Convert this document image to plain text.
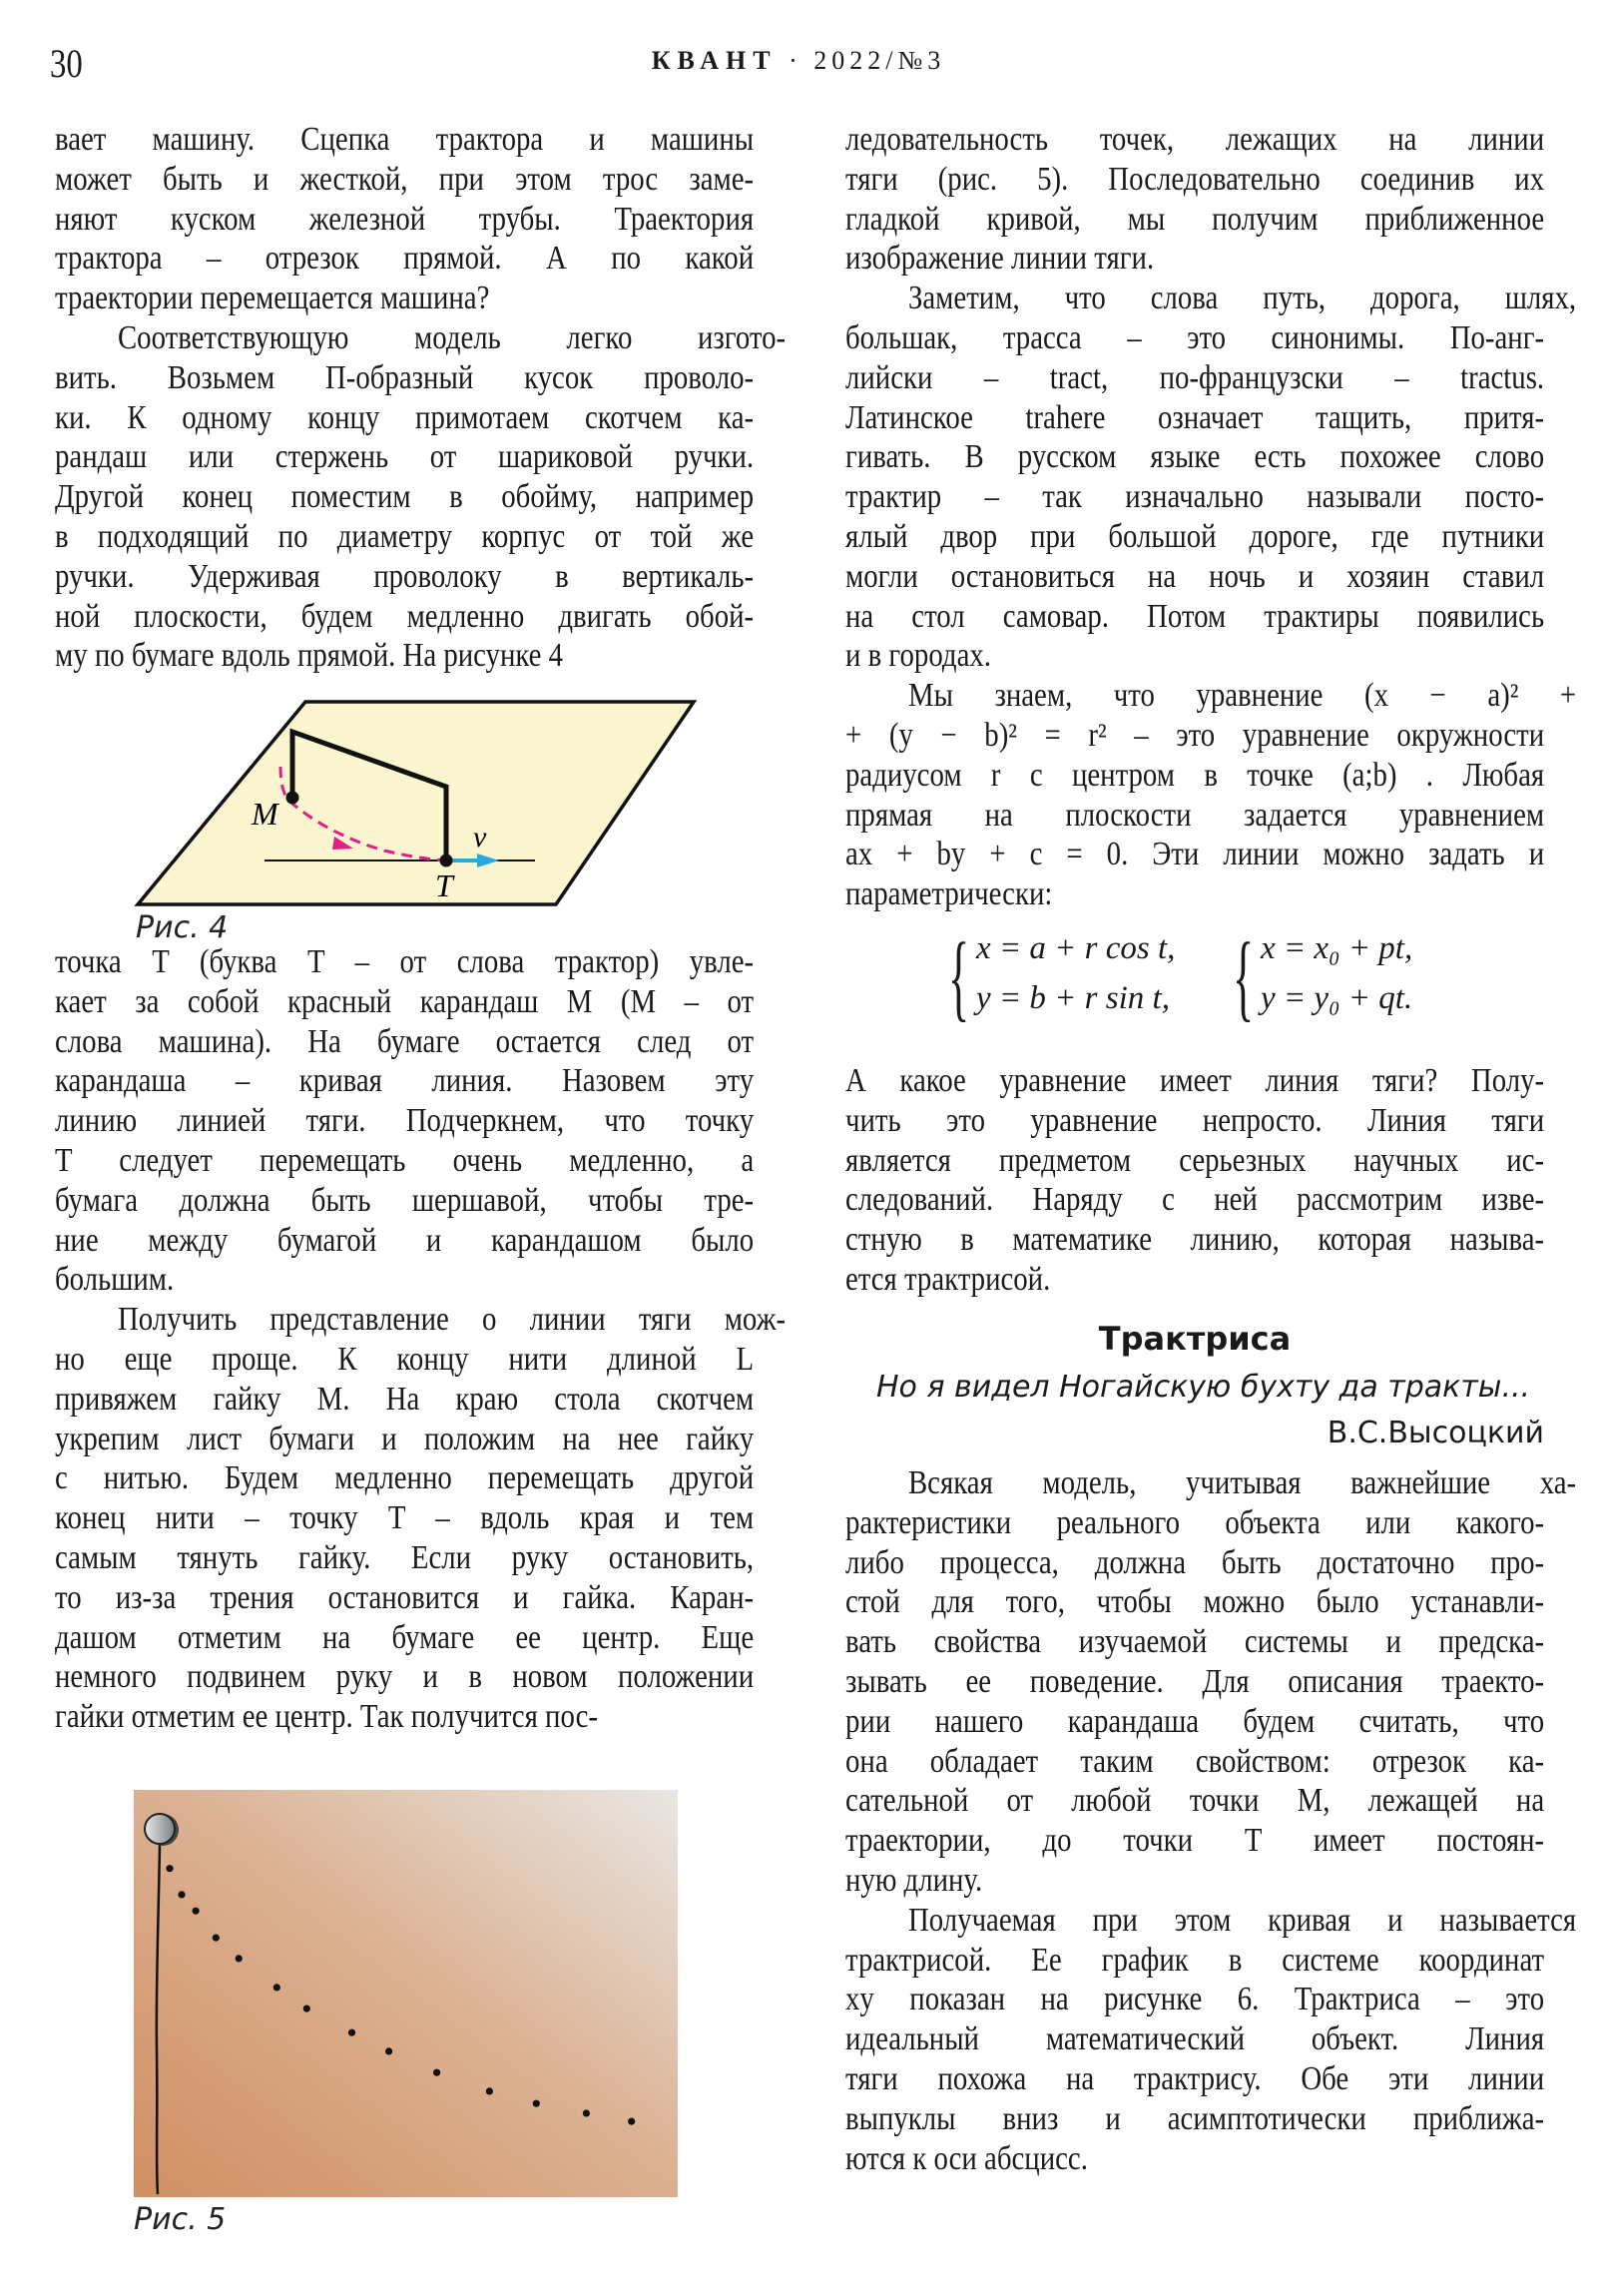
30	КВАНТ · 2022/№3
вает машину. Сцепка трактора и машины
может быть и жесткой, при этом трос заме-
няют куском железной трубы. Траектория
трактора – отрезок прямой. А по какой
траектории перемещается машина?
Соответствующую модель легко изгото-
вить. Возьмем П-образный кусок проволо-
ки. К одному концу примотаем скотчем ка-
рандаш или стержень от шариковой ручки.
Другой конец поместим в обойму, например
в подходящий по диаметру корпус от той же
ручки. Удерживая проволоку в вертикаль-
ной плоскости, будем медленно двигать обой-
му по бумаге вдоль прямой. На рисунке 4
M
T
v
Рис. 4
точка T (буква T – от слова трактор) увле-
кает за собой красный карандаш M (M – от
слова машина). На бумаге остается след от
карандаша – кривая линия. Назовем эту
линию линией тяги. Подчеркнем, что точку
T следует перемещать очень медленно, а
бумага должна быть шершавой, чтобы тре-
ние между бумагой и карандашом было
большим.
Получить представление о линии тяги мож-
но еще проще. К концу нити длиной L
привяжем гайку M. На краю стола скотчем
укрепим лист бумаги и положим на нее гайку
с нитью. Будем медленно перемещать другой
конец нити – точку T – вдоль края и тем
самым тянуть гайку. Если руку остановить,
то из-за трения остановится и гайка. Каран-
дашом отметим на бумаге ее центр. Еще
немного подвинем руку и в новом положении
гайки отметим ее центр. Так получится пос-
Рис. 5
ледовательность точек, лежащих на линии
тяги (рис. 5). Последовательно соединив их
гладкой кривой, мы получим приближенное
изображение линии тяги.
Заметим, что слова путь, дорога, шлях,
большак, трасса – это синонимы. По-анг-
лийски – tract, по-французски – tractus.
Латинское trahere означает тащить, притя-
гивать. В русском языке есть похожее слово
трактир – так изначально называли посто-
ялый двор при большой дороге, где путники
могли остановиться на ночь и хозяин ставил
на стол самовар. Потом трактиры появились
и в городах.
Мы знаем, что уравнение (x − a)² +
+ (y − b)² = r² – это уравнение окружности
радиусом r с центром в точке (a;b) . Любая
прямая на плоскости задается уравнением
ax + by + c = 0. Эти линии можно задать и
параметрически:
{ x = a + r cos t,
y = b + r sin t, { x = x₀ + pt,
y = y₀ + qt.
А какое уравнение имеет линия тяги? Полу-
чить это уравнение непросто. Линия тяги
является предметом серьезных научных ис-
следований. Наряду с ней рассмотрим изве-
стную в математике линию, которая называ-
ется трактрисой.
Трактриса
Но я видел Ногайскую бухту да тракты...
В.С.Высоцкий
Всякая модель, учитывая важнейшие ха-
рактеристики реального объекта или какого-
либо процесса, должна быть достаточно про-
стой для того, чтобы можно было устанавли-
вать свойства изучаемой системы и предска-
зывать ее поведение. Для описания траекто-
рии нашего карандаша будем считать, что
она обладает таким свойством: отрезок ка-
сательной от любой точки M, лежащей на
траектории, до точки T имеет постоян-
ную длину.
Получаемая при этом кривая и называется
трактрисой. Ее график в системе координат
xy показан на рисунке 6. Трактриса – это
идеальный математический объект. Линия
тяги похожа на трактрису. Обе эти линии
выпуклы вниз и асимптотически приближа-
ются к оси абсцисс.
